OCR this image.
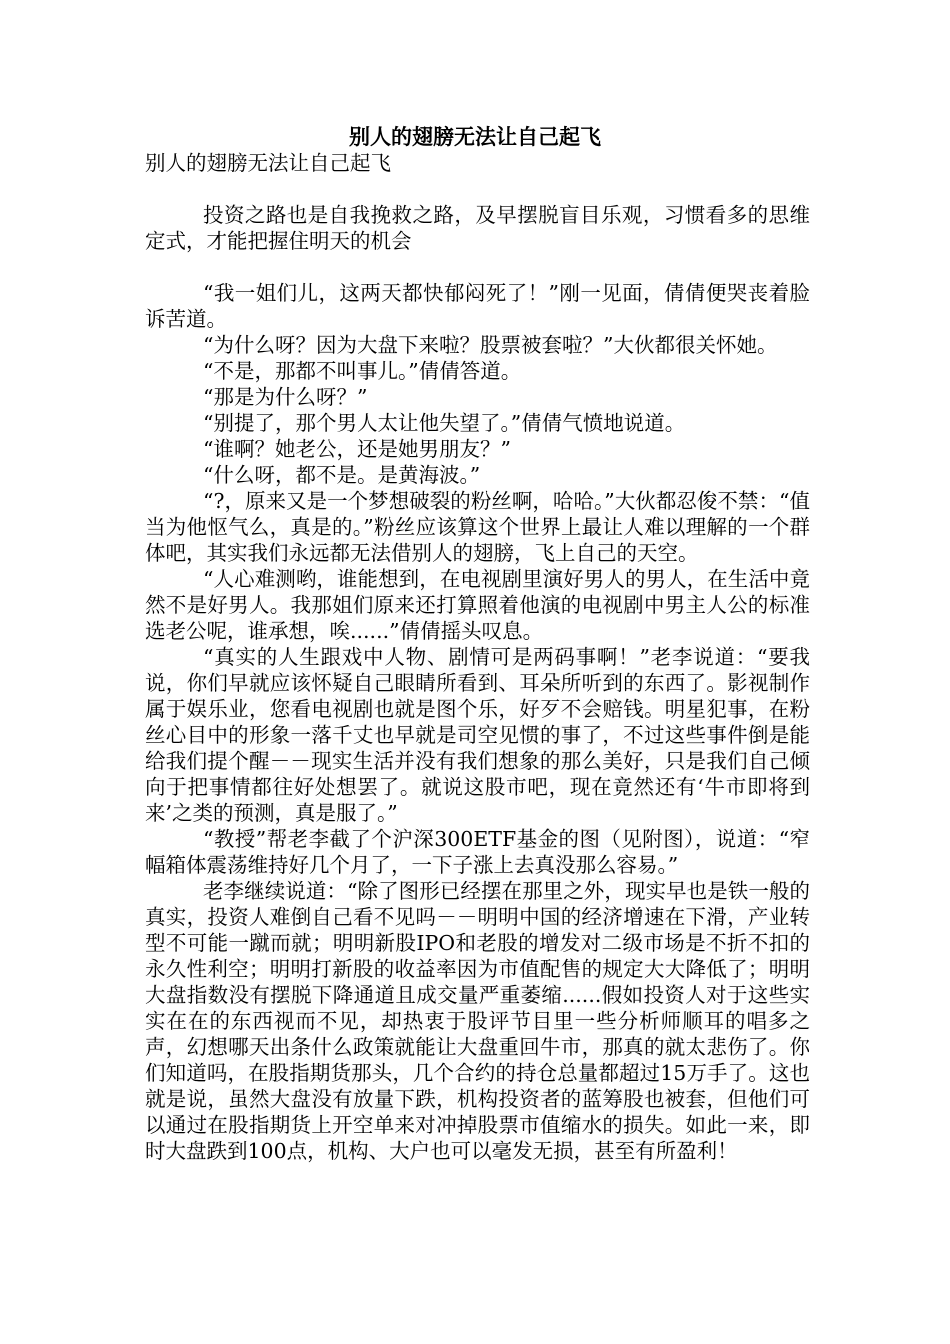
别人的翅膀无法让自己起飞

别人的翅膀无法让自己起飞

投资之路也是自我挽救之路，及早摆脱盲目乐观，习惯看多的思维定式，才能把握住明天的机会

“我一姐们儿，这两天都快郁闷死了！”刚一见面，倩倩便哭丧着脸诉苦道。

“为什么呀？因为大盘下来啦？股票被套啦？”大伙都很关怀她。

“不是，那都不叫事儿。”倩倩答道。

“那是为什么呀？”

“别提了，那个男人太让他失望了。”倩倩气愤地说道。

“谁啊？她老公，还是她男朋友？”

“什么呀，都不是。是黄海波。”

“?，原来又是一个梦想破裂的粉丝啊，哈哈。”大伙都忍俊不禁：“值当为他怄气么，真是的。”粉丝应该算这个世界上最让人难以理解的一个群体吧，其实我们永远都无法借别人的翅膀，飞上自己的天空。

“人心难测哟，谁能想到，在电视剧里演好男人的男人，在生活中竟然不是好男人。我那姐们原来还打算照着他演的电视剧中男主人公的标准选老公呢，谁承想，唉......”倩倩摇头叹息。

“真实的人生跟戏中人物、剧情可是两码事啊！”老李说道：“要我说，你们早就应该怀疑自己眼睛所看到、耳朵所听到的东西了。影视制作属于娱乐业，您看电视剧也就是图个乐，好歹不会赔钱。明星犯事，在粉丝心目中的形象一落千丈也早就是司空见惯的事了，不过这些事件倒是能给我们提个醒－－现实生活并没有我们想象的那么美好，只是我们自己倾向于把事情都往好处想罢了。就说这股市吧，现在竟然还有‘牛市即将到来’之类的预测，真是服了。”

“教授”帮老李截了个沪深300ETF基金的图（见附图），说道：“窄幅箱体震荡维持好几个月了，一下子涨上去真没那么容易。”

老李继续说道：“除了图形已经摆在那里之外，现实早也是铁一般的真实，投资人难倒自己看不见吗－－明明中国的经济增速在下滑，产业转型不可能一蹴而就；明明新股IPO和老股的增发对二级市场是不折不扣的永久性利空；明明打新股的收益率因为市值配售的规定大大降低了；明明大盘指数没有摆脱下降通道且成交量严重萎缩......假如投资人对于这些实实在在的东西视而不见，却热衷于股评节目里一些分析师顺耳的唱多之声，幻想哪天出条什么政策就能让大盘重回牛市，那真的就太悲伤了。你们知道吗，在股指期货那头，几个合约的持仓总量都超过15万手了。这也就是说，虽然大盘没有放量下跌，机构投资者的蓝筹股也被套，但他们可以通过在股指期货上开空单来对冲掉股票市值缩水的损失。如此一来，即时大盘跌到100点，机构、大户也可以毫发无损，甚至有所盈利！
